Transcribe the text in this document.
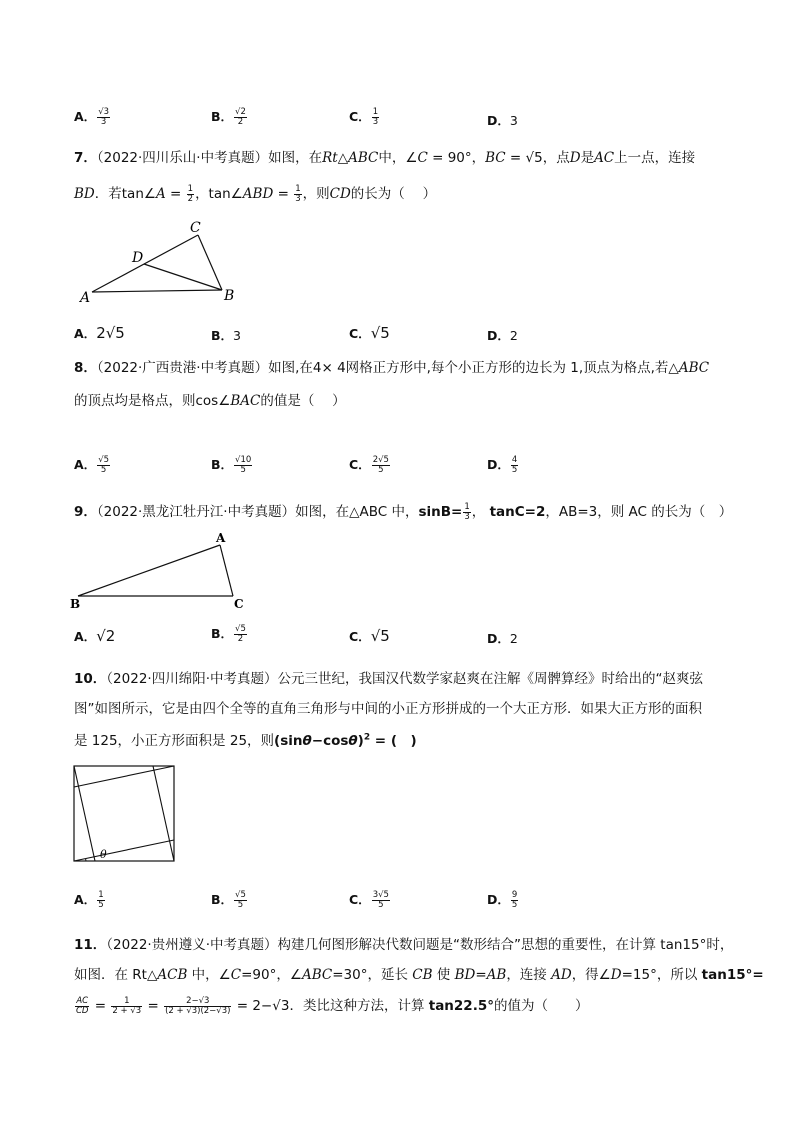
A． $\frac{√3}{3}$	B． $\frac{√2}{2}$	C． $\frac{1}{3}$	D．3
7．（2022·四川乐山·中考真题）如图，在Rt△ABC中，∠C = 90°，BC = √5，点D是AC上一点，连接
BD．若tan∠A = $\frac{1}{2}$ ，tan∠ABD = $\frac{1}{3}$ ，则CD的长为（　 ）
C
D
A	B
A．2√5	B．3	C．√5	D．2
8．（2022·广西贵港·中考真题）如图,在4× 4网格正方形中,每个小正方形的边长为 1,顶点为格点,若△ABC
的顶点均是格点，则cos∠BAC的值是（　 ）
A． $\frac{√5}{5}$	B． $\frac{√10}{5}$	C． $\frac{2√5}{5}$	D． $\frac{4}{5}$
9．（2022·黑龙江牡丹江·中考真题）如图，在△ABC 中，$\sin B= \frac{1}{3}$ ， tanC=2，AB=3，则 AC 的长为（　）
A
B	C
A．√2	B． $\frac{√5}{2}$	C．√5	D．2
10．（2022·四川绵阳·中考真题）公元三世纪，我国汉代数学家赵爽在注解《周髀算经》时给出的“赵爽弦
图”如图所示，它是由四个全等的直角三角形与中间的小正方形拼成的一个大正方形．如果大正方形的面积
是 125，小正方形面积是 25，则$(\sin\theta-\cos\theta)^2$ = (　)
θ
A． $\frac{1}{5}$	B． $\frac{√5}{5}$	C． $\frac{3√5}{5}$	D． $\frac{9}{5}$
11．（2022·贵州遵义·中考真题）构建几何图形解决代数问题是“数形结合”思想的重要性，在计算 tan15°时，
如图．在 Rt△ACB 中，∠C=90°，∠ABC=30°，延长 CB 使 BD=AB，连接 AD，得∠D=15°，所以 tan15°=
$\frac{AC}{CD} = \frac{1}{2 + √3} = \frac{2-√3}{(2 + √3)(2-√3)} = 2-√3$．类比这种方法，计算 tan22.5°的值为（　　）
